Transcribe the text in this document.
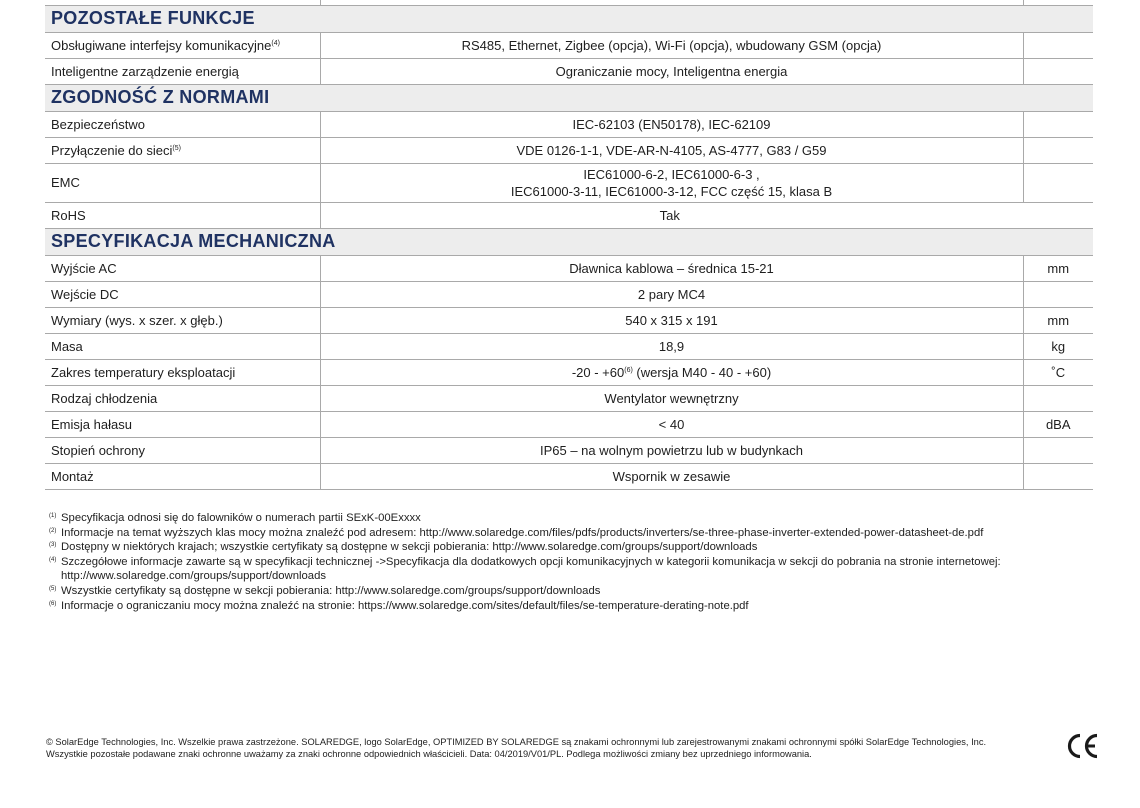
POZOSTAŁE FUNKCJE		
Obsługiwane interfejsy komunikacyjne$^{(4)}$	RS485, Ethernet, Zigbee (opcja), Wi-Fi (opcja), wbudowany GSM (opcja)	
Inteligentne zarządzenie energią	Ograniczanie mocy, Inteligentna energia	
ZGODNOŚĆ Z NORMAMI		
Bezpieczeństwo	IEC-62103 (EN50178), IEC-62109	
Przyłączenie do sieci$^{(5)}$	VDE 0126-1-1, VDE-AR-N-4105, AS-4777, G83 / G59	
EMC	IEC61000-6-2, IEC61000-6-3 ,
IEC61000-3-11, IEC61000-3-12, FCC część 15, klasa B	
RoHS	Tak	
SPECYFIKACJA MECHANICZNA		
Wyjście AC	Dławnica kablowa – średnica 15-21	mm
Wejście DC	2 pary MC4	
Wymiary (wys. x szer. x głęb.)	540 x 315 x 191	mm
Masa	18,9	kg
Zakres temperatury eksploatacji	$-20 - +60^{(6)}$ (wersja M40 - 40 - +60)	˚C
Rodzaj chłodzenia	Wentylator wewnętrzny	
Emisja hałasu	< 40	dBA
Stopień ochrony	IP65 – na wolnym powietrzu lub w budynkach	
Montaż	Wspornik w zesawie	
(1) Specyfikacja odnosi się do falowników o numerach partii SExK-00Exxxx
(2) Informacje na temat wyższych klas mocy można znaleźć pod adresem: http://www.solaredge.com/files/pdfs/products/inverters/se-three-phase-inverter-extended-power-datasheet-de.pdf
(3) Dostępny w niektórych krajach; wszystkie certyfikaty są dostępne w sekcji pobierania: http://www.solaredge.com/groups/support/downloads
(4) Szczegółowe informacje zawarte są w specyfikacji technicznej ->Specyfikacja dla dodatkowych opcji komunikacyjnych w kategorii komunikacja w sekcji do pobrania na stronie internetowej:
http://www.solaredge.com/groups/support/downloads
(5) Wszystkie certyfikaty są dostępne w sekcji pobierania: http://www.solaredge.com/groups/support/downloads
(6) Informacje o ograniczaniu mocy można znaleźć na stronie: https://www.solaredge.com/sites/default/files/se-temperature-derating-note.pdf
© SolarEdge Technologies, Inc. Wszelkie prawa zastrzeżone. SOLAREDGE, logo SolarEdge, OPTIMIZED BY SOLAREDGE są znakami ochronnymi lub zarejestrowanymi znakami ochronnymi spółki SolarEdge Technologies, Inc.
Wszystkie pozostałe podawane znaki ochronne uważamy za znaki ochronne odpowiednich właścicieli. Data: 04/2019/V01/PL. Podlega możliwości zmiany bez uprzedniego informowania.
